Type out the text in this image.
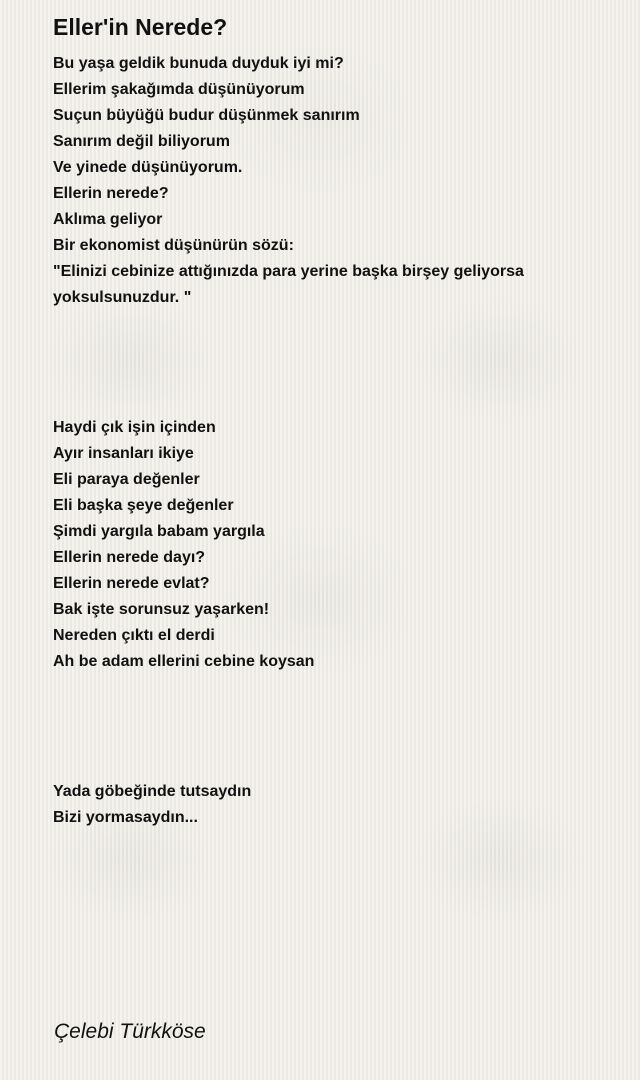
Eller'in Nerede?
Bu yaşa geldik bunuda duyduk iyi mi?
Ellerim şakağımda düşünüyorum
Suçun büyüğü budur düşünmek sanırım
Sanırım değil biliyorum
Ve yinede düşünüyorum.
Ellerin nerede?
Aklıma geliyor
Bir ekonomist düşünürün sözü:
"Elinizi cebinize attığınızda para yerine başka birşey geliyorsa
yoksulsunuzdur. "
Haydi çık işin içinden
Ayır insanları ikiye
Eli paraya değenler
Eli başka şeye değenler
Şimdi yargıla babam yargıla
Ellerin nerede dayı?
Ellerin nerede evlat?
Bak işte sorunsuz yaşarken!
Nereden çıktı el derdi
Ah be adam ellerini cebine koysan
Yada göbeğinde tutsaydın
Bizi yormasaydın...
Çelebi Türkköse
